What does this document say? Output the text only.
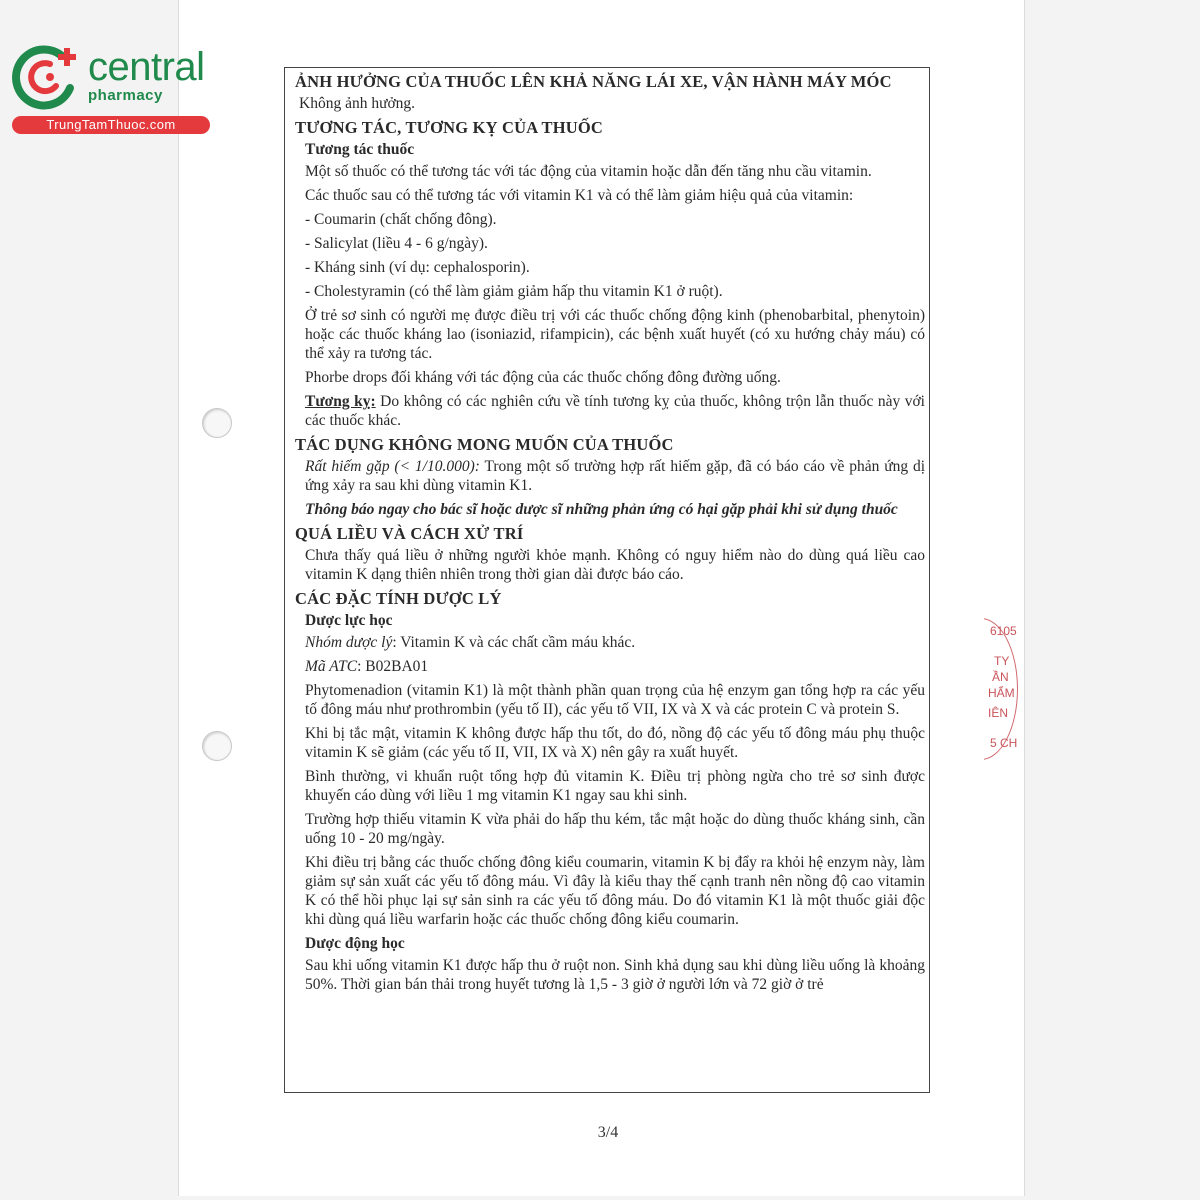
central
pharmacy
TrungTamThuoc.com
ẢNH HƯỞNG CỦA THUỐC LÊN KHẢ NĂNG LÁI XE, VẬN HÀNH MÁY MÓC
Không ảnh hưởng.
TƯƠNG TÁC, TƯƠNG KỴ CỦA THUỐC
Tương tác thuốc
Một số thuốc có thể tương tác với tác động của vitamin hoặc dẫn đến tăng nhu cầu vitamin.
Các thuốc sau có thể tương tác với vitamin K1 và có thể làm giảm hiệu quả của vitamin:
- Coumarin (chất chống đông).
- Salicylat (liều 4 - 6 g/ngày).
- Kháng sinh (ví dụ: cephalosporin).
- Cholestyramin (có thể làm giảm giảm hấp thu vitamin K1 ở ruột).
Ở trẻ sơ sinh có người mẹ được điều trị với các thuốc chống động kinh (phenobarbital, phenytoin) hoặc các thuốc kháng lao (isoniazid, rifampicin), các bệnh xuất huyết (có xu hướng chảy máu) có thể xảy ra tương tác.
Phorbe drops đối kháng với tác động của các thuốc chống đông đường uống.
Tương kỵ: Do không có các nghiên cứu về tính tương kỵ của thuốc, không trộn lẫn thuốc này với các thuốc khác.
TÁC DỤNG KHÔNG MONG MUỐN CỦA THUỐC
Rất hiếm gặp (< 1/10.000): Trong một số trường hợp rất hiếm gặp, đã có báo cáo về phản ứng dị ứng xảy ra sau khi dùng vitamin K1.
Thông báo ngay cho bác sĩ hoặc dược sĩ những phản ứng có hại gặp phải khi sử dụng thuốc
QUÁ LIỀU VÀ CÁCH XỬ TRÍ
Chưa thấy quá liều ở những người khỏe mạnh. Không có nguy hiểm nào do dùng quá liều cao vitamin K dạng thiên nhiên trong thời gian dài được báo cáo.
CÁC ĐẶC TÍNH DƯỢC LÝ
Dược lực học
Nhóm dược lý: Vitamin K và các chất cầm máu khác.
Mã ATC: B02BA01
Phytomenadion (vitamin K1) là một thành phần quan trọng của hệ enzym gan tổng hợp ra các yếu tố đông máu như prothrombin (yếu tố II), các yếu tố VII, IX và X và các protein C và protein S.
Khi bị tắc mật, vitamin K không được hấp thu tốt, do đó, nồng độ các yếu tố đông máu phụ thuộc vitamin K sẽ giảm (các yếu tố II, VII, IX và X) nên gây ra xuất huyết.
Bình thường, vi khuẩn ruột tổng hợp đủ vitamin K. Điều trị phòng ngừa cho trẻ sơ sinh được khuyến cáo dùng với liều 1 mg vitamin K1 ngay sau khi sinh.
Trường hợp thiếu vitamin K vừa phải do hấp thu kém, tắc mật hoặc do dùng thuốc kháng sinh, cần uống 10 - 20 mg/ngày.
Khi điều trị bằng các thuốc chống đông kiểu coumarin, vitamin K bị đẩy ra khỏi hệ enzym này, làm giảm sự sản xuất các yếu tố đông máu. Vì đây là kiểu thay thế cạnh tranh nên nồng độ cao vitamin K có thể hồi phục lại sự sản sinh ra các yếu tố đông máu. Do đó vitamin K1 là một thuốc giải độc khi dùng quá liều warfarin hoặc các thuốc chống đông kiểu coumarin.
Dược động học
Sau khi uống vitamin K1 được hấp thu ở ruột non. Sinh khả dụng sau khi dùng liều uống là khoảng 50%. Thời gian bán thải trong huyết tương là 1,5 - 3 giờ ở người lớn và 72 giờ ở trẻ
3/4
6105
TY
ẦN
HẨM
IÊN
5 CH
